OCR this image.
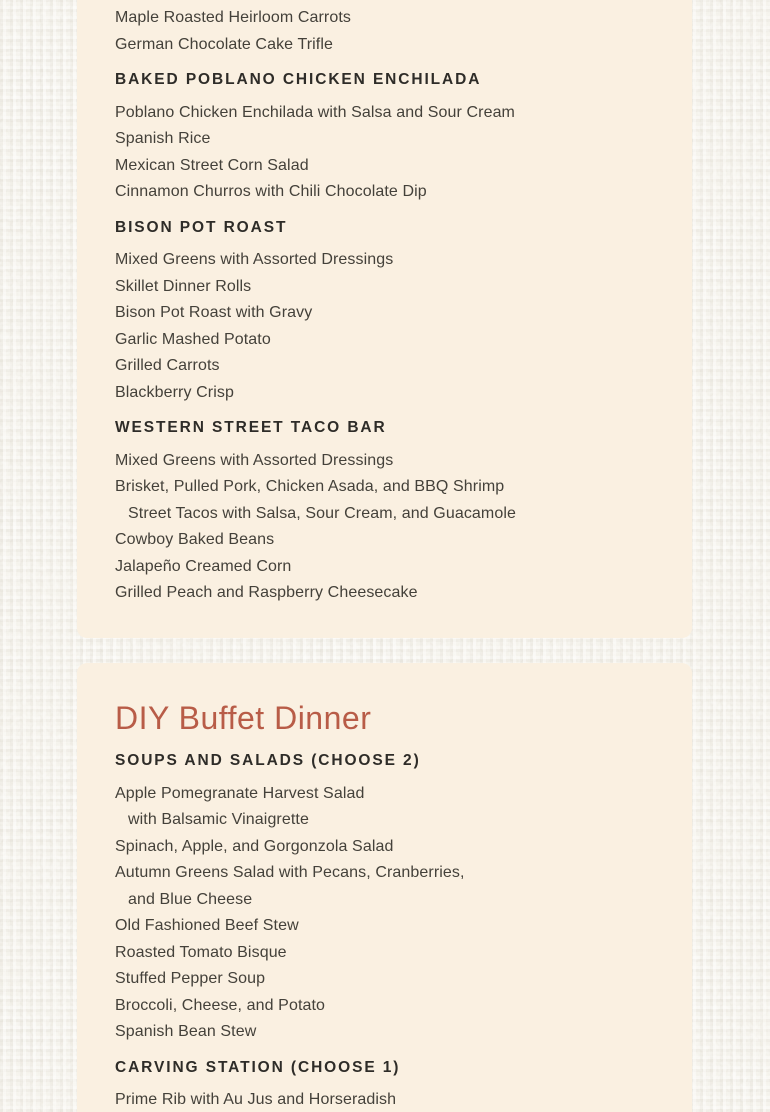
Maple Roasted Heirloom Carrots
German Chocolate Cake Trifle
BAKED POBLANO CHICKEN ENCHILADA
Poblano Chicken Enchilada with Salsa and Sour Cream
Spanish Rice
Mexican Street Corn Salad
Cinnamon Churros with Chili Chocolate Dip
BISON POT ROAST
Mixed Greens with Assorted Dressings
Skillet Dinner Rolls
Bison Pot Roast with Gravy
Garlic Mashed Potato
Grilled Carrots
Blackberry Crisp
WESTERN STREET TACO BAR
Mixed Greens with Assorted Dressings
Brisket, Pulled Pork, Chicken Asada, and BBQ Shrimp
Street Tacos with Salsa, Sour Cream, and Guacamole
Cowboy Baked Beans
Jalapeño Creamed Corn
Grilled Peach and Raspberry Cheesecake
DIY Buffet Dinner
SOUPS AND SALADS (CHOOSE 2)
Apple Pomegranate Harvest Salad
with Balsamic Vinaigrette
Spinach, Apple, and Gorgonzola Salad
Autumn Greens Salad with Pecans, Cranberries,
and Blue Cheese
Old Fashioned Beef Stew
Roasted Tomato Bisque
Stuffed Pepper Soup
Broccoli, Cheese, and Potato
Spanish Bean Stew
CARVING STATION (CHOOSE 1)
Prime Rib with Au Jus and Horseradish
